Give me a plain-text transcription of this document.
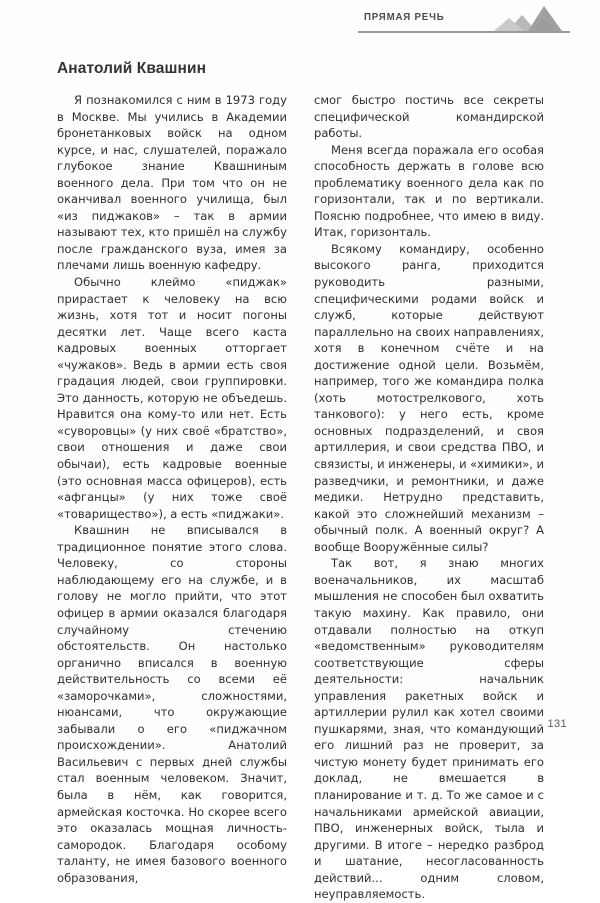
ПРЯМАЯ РЕЧЬ
Анатолий Квашнин

Я познакомился с ним в 1973 году в Москве. Мы учились в Академии бронетанковых войск на одном курсе, и нас, слушателей, поражало глубокое знание Квашниным военного дела. При том что он не оканчивал военного училища, был «из пиджаков» – так в армии называют тех, кто пришёл на службу после гражданского вуза, имея за плечами лишь военную кафедру.

Обычно клеймо «пиджак» прирастает к человеку на всю жизнь, хотя тот и носит погоны десятки лет. Чаще всего каста кадровых военных отторгает «чужаков». Ведь в армии есть своя градация людей, свои группировки. Это данность, которую не объедешь. Нравится она кому-то или нет. Есть «суворовцы» (у них своё «братство», свои отношения и даже свои обычаи), есть кадровые военные (это основная масса офицеров), есть «афганцы» (у них тоже своё «товарищество»), а есть «пиджаки».

Квашнин не вписывался в традиционное понятие этого слова. Человеку, со стороны наблюдающему его на службе, и в голову не могло прийти, что этот офицер в армии оказался благодаря случайному стечению обстоятельств. Он настолько органично вписался в военную действительность со всеми её «заморочками», сложностями, нюансами, что окружающие забывали о его «пиджачном происхождении». Анатолий Васильевич с первых дней службы стал военным человеком. Значит, была в нём, как говорится, армейская косточка. Но скорее всего это оказалась мощная личность-самородок. Благодаря особому таланту, не имея базового военного образования,

смог быстро постичь все секреты специфической командирской работы.

Меня всегда поражала его особая способность держать в голове всю проблематику военного дела как по горизонтали, так и по вертикали. Поясню подробнее, что имею в виду. Итак, горизонталь.

Всякому командиру, особенно высокого ранга, приходится руководить разными, специфическими родами войск и служб, которые действуют параллельно на своих направлениях, хотя в конечном счёте и на достижение одной цели. Возьмём, например, того же командира полка (хоть мотострелкового, хоть танкового): у него есть, кроме основных подразделений, и своя артиллерия, и свои средства ПВО, и связисты, и инженеры, и «химики», и разведчики, и ремонтники, и даже медики. Нетрудно представить, какой это сложнейший механизм – обычный полк. А военный округ? А вообще Вооружённые силы?

Так вот, я знаю многих военачальников, их масштаб мышления не способен был охватить такую махину. Как правило, они отдавали полностью на откуп «ведомственным» руководителям соответствующие сферы деятельности: начальник управления ракетных войск и артиллерии рулил как хотел своими пушкарями, зная, что командующий его лишний раз не проверит, за чистую монету будет принимать его доклад, не вмешается в планирование и т. д. То же самое и с начальниками армейской авиации, ПВО, инженерных войск, тыла и другими. В итоге – нередко разброд и шатание, несогласованность действий... одним словом, неуправляемость.

131
